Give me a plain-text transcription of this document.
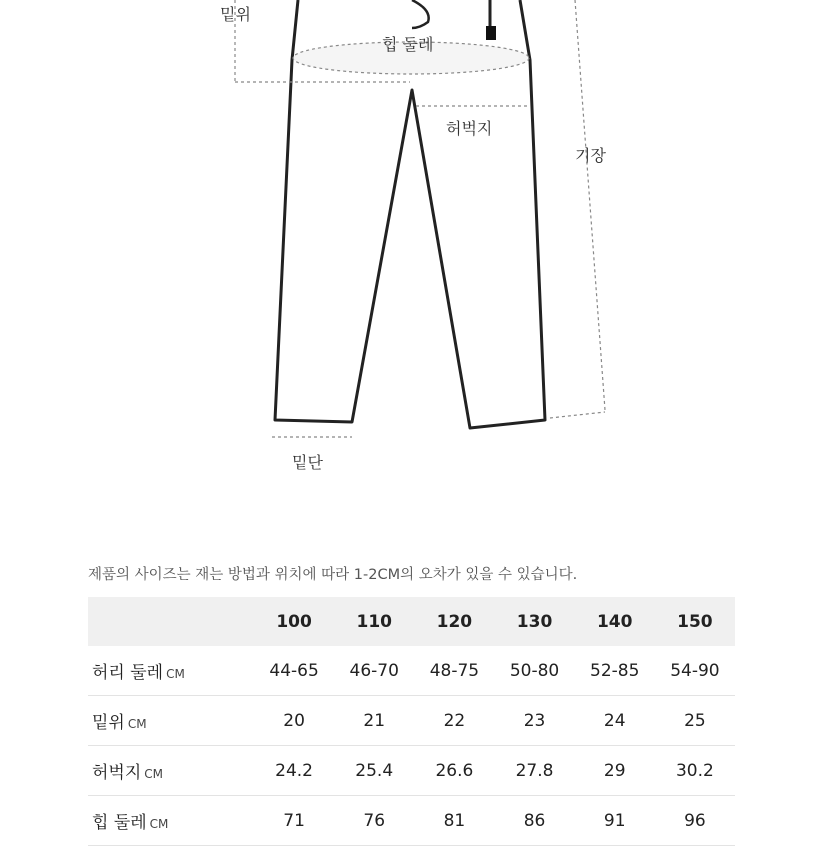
밑위
힙 둘레
허벅지
기장
밑단
제품의 사이즈는 재는 방법과 위치에 따라 1-2CM의 오차가 있을 수 있습니다.
	100	110	120	130	140	150
허리 둘레 CM	44-65	46-70	48-75	50-80	52-85	54-90
밑위 CM	20	21	22	23	24	25
허벅지 CM	24.2	25.4	26.6	27.8	29	30.2
힙 둘레 CM	71	76	81	86	91	96
